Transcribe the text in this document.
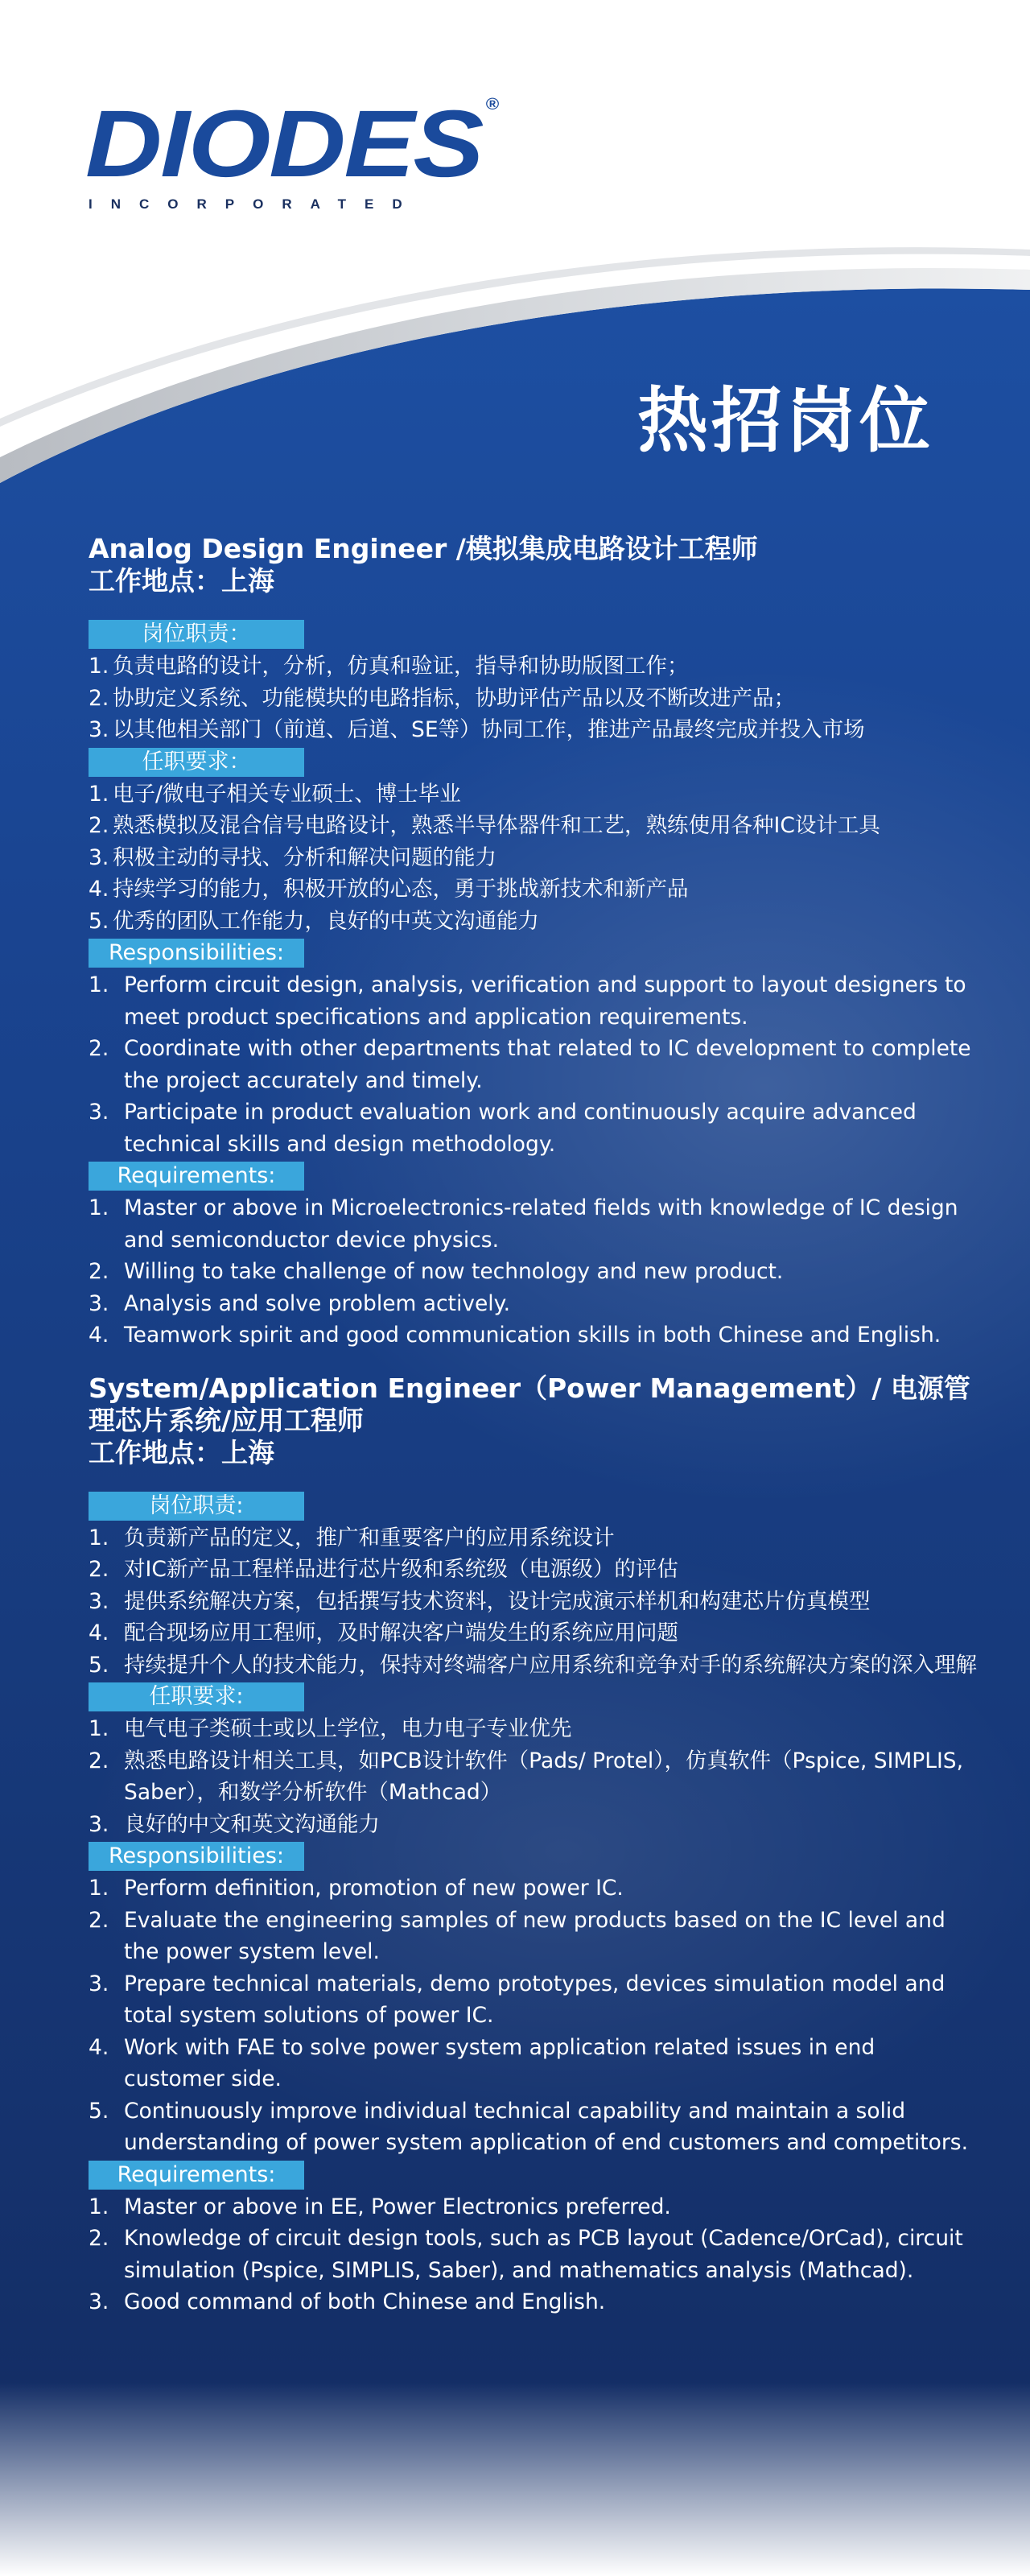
DIODES ®
INCORPORATED
热招岗位
Analog Design Engineer /模拟集成电路设计工程师
工作地点：上海
岗位职责：
1. 负责电路的设计，分析，仿真和验证，指导和协助版图工作；
2. 协助定义系统、功能模块的电路指标，协助评估产品以及不断改进产品；
3. 以其他相关部门（前道、后道、SE等）协同工作，推进产品最终完成并投入市场
任职要求：
1. 电子/微电子相关专业硕士、博士毕业
2. 熟悉模拟及混合信号电路设计，熟悉半导体器件和工艺，熟练使用各种IC设计工具
3. 积极主动的寻找、分析和解决问题的能力
4. 持续学习的能力，积极开放的心态，勇于挑战新技术和新产品
5. 优秀的团队工作能力，良好的中英文沟通能力
Responsibilities:
1. Perform circuit design, analysis, verification and support to layout designers to meet product specifications and application requirements.
2. Coordinate with other departments that related to IC development to complete the project accurately and timely.
3. Participate in product evaluation work and continuously acquire advanced technical skills and design methodology.
Requirements:
1. Master or above in Microelectronics-related fields with knowledge of IC design and semiconductor device physics.
2. Willing to take challenge of now technology and new product.
3. Analysis and solve problem actively.
4. Teamwork spirit and good communication skills in both Chinese and English.
System/Application Engineer（Power Management）/ 电源管理芯片系统/应用工程师
工作地点：上海
岗位职责:
1. 负责新产品的定义，推广和重要客户的应用系统设计
2. 对IC新产品工程样品进行芯片级和系统级（电源级）的评估
3. 提供系统解决方案，包括撰写技术资料，设计完成演示样机和构建芯片仿真模型
4. 配合现场应用工程师，及时解决客户端发生的系统应用问题
5. 持续提升个人的技术能力，保持对终端客户应用系统和竞争对手的系统解决方案的深入理解
任职要求:
1. 电气电子类硕士或以上学位，电力电子专业优先
2. 熟悉电路设计相关工具，如PCB设计软件（Pads/ Protel），仿真软件（Pspice, SIMPLIS, Saber），和数学分析软件（Mathcad）
3. 良好的中文和英文沟通能力
Responsibilities:
1. Perform definition, promotion of new power IC.
2. Evaluate the engineering samples of new products based on the IC level and the power system level.
3. Prepare technical materials, demo prototypes, devices simulation model and total system solutions of power IC.
4. Work with FAE to solve power system application related issues in end customer side.
5. Continuously improve individual technical capability and maintain a solid understanding of power system application of end customers and competitors.
Requirements:
1. Master or above in EE, Power Electronics preferred.
2. Knowledge of circuit design tools, such as PCB layout (Cadence/OrCad), circuit simulation (Pspice, SIMPLIS, Saber), and mathematics analysis (Mathcad).
3. Good command of both Chinese and English.
